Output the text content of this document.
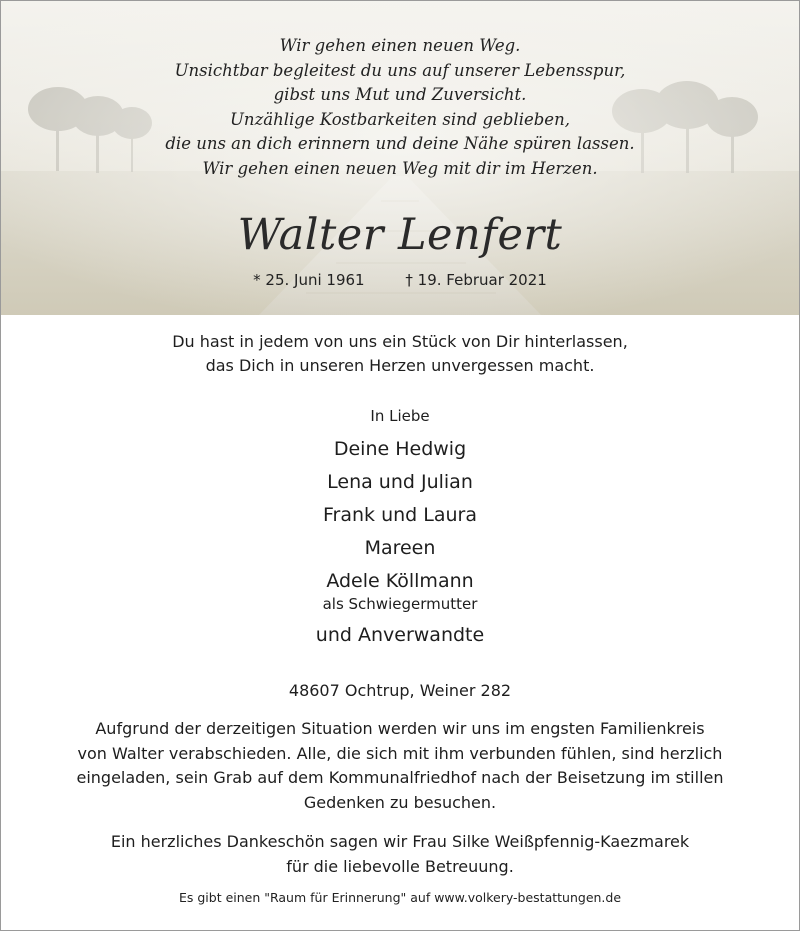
Wir gehen einen neuen Weg.
Unsichtbar begleitest du uns auf unserer Lebensspur,
gibst uns Mut und Zuversicht.
Unzählige Kostbarkeiten sind geblieben,
die uns an dich erinnern und deine Nähe spüren lassen.
Wir gehen einen neuen Weg mit dir im Herzen.
Walter Lenfert
* 25. Juni 1961	† 19. Februar 2021
Du hast in jedem von uns ein Stück von Dir hinterlassen,
das Dich in unseren Herzen unvergessen macht.
In Liebe
Deine Hedwig
Lena und Julian
Frank und Laura
Mareen
Adele Köllmann
als Schwiegermutter
und Anverwandte
48607 Ochtrup, Weiner 282
Aufgrund der derzeitigen Situation werden wir uns im engsten Familienkreis
von Walter verabschieden. Alle, die sich mit ihm verbunden fühlen, sind herzlich
eingeladen, sein Grab auf dem Kommunalfriedhof nach der Beisetzung im stillen
Gedenken zu besuchen.
Ein herzliches Dankeschön sagen wir Frau Silke Weißpfennig-Kaezmarek
für die liebevolle Betreuung.
Es gibt einen "Raum für Erinnerung" auf www.volkery-bestattungen.de
